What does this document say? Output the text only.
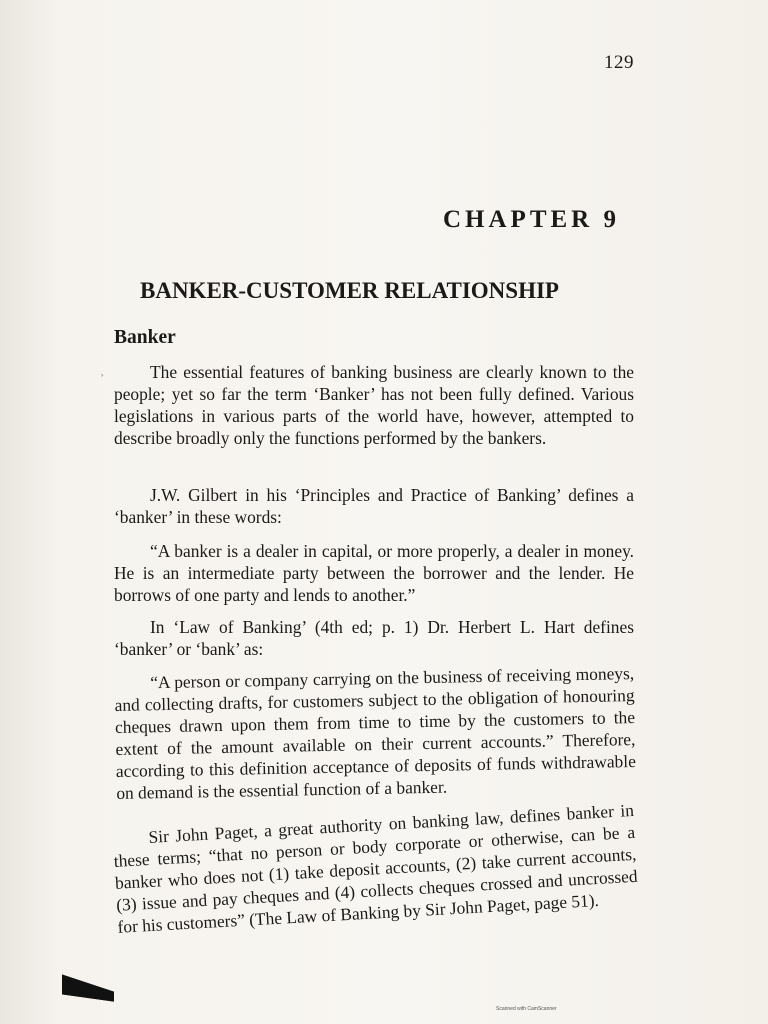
129
CHAPTER 9
BANKER-CUSTOMER RELATIONSHIP
Banker
˒	The essential features of banking business are clearly known to the people; yet so far the term ‘Banker’ has not been fully defined. Various legislations in various parts of the world have, however, attempted to describe broadly only the functions performed by the bankers.

J.W. Gilbert in his ‘Principles and Practice of Banking’ defines a ‘banker’ in these words:

“A banker is a dealer in capital, or more properly, a dealer in money. He is an intermediate party between the borrower and the lender. He borrows of one party and lends to another.”

In ‘Law of Banking’ (4th ed; p. 1) Dr. Herbert L. Hart defines ‘banker’ or ‘bank’ as:

“A person or company carrying on the business of receiving moneys, and collecting drafts, for customers subject to the obligation of honouring cheques drawn upon them from time to time by the customers to the extent of the amount available on their current accounts.” Therefore, according to this definition acceptance of deposits of funds withdrawable on demand is the essential function of a banker.

Sir John Paget, a great authority on banking law, defines banker in these terms; “that no person or body corporate or otherwise, can be a banker who does not (1) take deposit accounts, (2) take current accounts, (3) issue and pay cheques and (4) collects cheques crossed and uncrossed for his customers” (The Law of Banking by Sir John Paget, page 51).

Scanned with CamScanner
